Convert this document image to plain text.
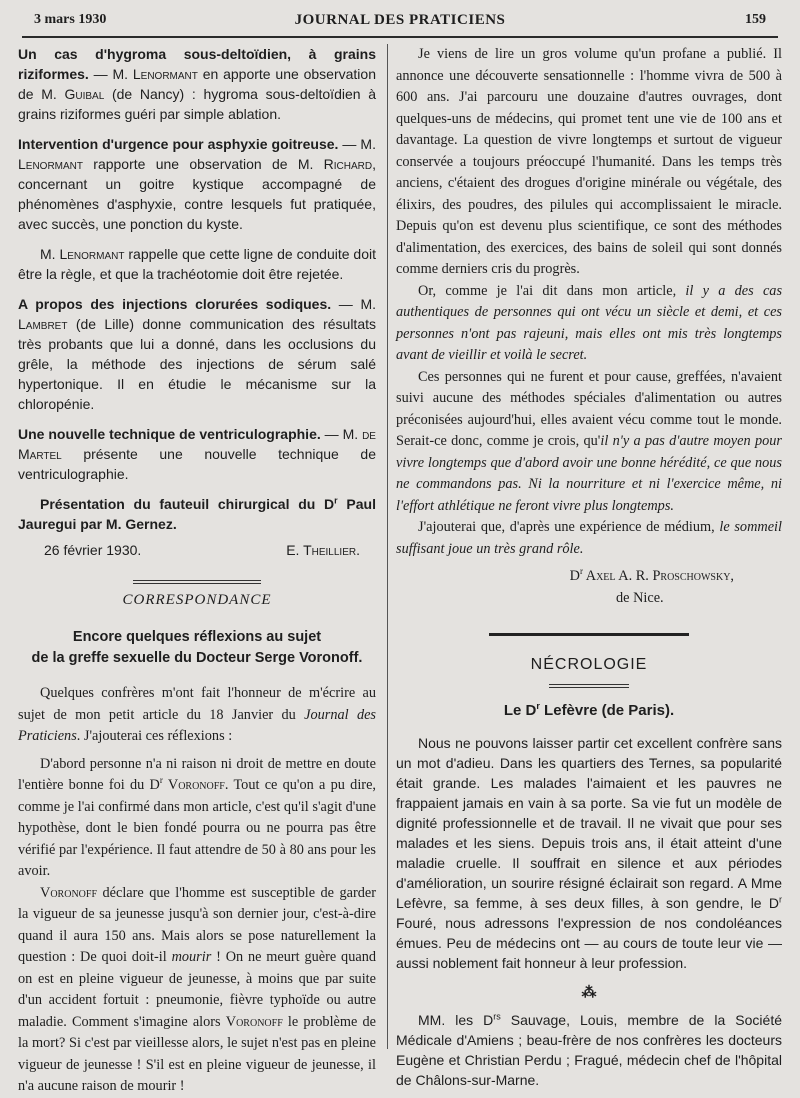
3 mars 1930	JOURNAL DES PRATICIENS	159

Un cas d'hygroma sous-deltoïdien, à grains riziformes. — M. Lenormant en apporte une observation de M. Guibal (de Nancy) : hygroma sous-deltoïdien à grains riziformes guéri par simple ablation.

Intervention d'urgence pour asphyxie goitreuse. — M. Lenormant rapporte une observation de M. Richard, concernant un goitre kystique accompagné de phénomènes d'asphyxie, contre lesquels fut pratiquée, avec succès, une ponction du kyste.

M. Lenormant rappelle que cette ligne de conduite doit être la règle, et que la trachéotomie doit être rejetée.

A propos des injections clorurées sodiques. — M. Lambret (de Lille) donne communication des résultats très probants que lui a donné, dans les occlusions du grêle, la méthode des injections de sérum salé hypertonique. Il en étudie le mécanisme sur la chloropénie.

Une nouvelle technique de ventriculographie. — M. de Martel présente une nouvelle technique de ventriculographie.

Présentation du fauteuil chirurgical du $D^r$ Paul Jauregui par M. Gernez.

26 février 1930.	E. Theillier.
CORRESPONDANCE
Encore quelques réflexions au sujet
de la greffe sexuelle du Docteur Serge Voronoff.

Quelques confrères m'ont fait l'honneur de m'écrire au sujet de mon petit article du 18 Janvier du Journal des Praticiens. J'ajouterai ces réflexions :

D'abord personne n'a ni raison ni droit de mettre en doute l'entière bonne foi du $D^r$ Voronoff. Tout ce qu'on a pu dire, comme je l'ai confirmé dans mon article, c'est qu'il s'agit d'une hypothèse, dont le bien fondé pourra ou ne pourra pas être vérifié par l'expérience. Il faut attendre de 50 à 80 ans pour les avoir.

Voronoff déclare que l'homme est susceptible de garder la vigueur de sa jeunesse jusqu'à son dernier jour, c'est-à-dire quand il aura 150 ans. Mais alors se pose naturellement la question : De quoi doit-il mourir ! On ne meurt guère quand on est en pleine vigueur de jeunesse, à moins que par suite d'un accident fortuit : pneumonie, fièvre typhoïde ou autre maladie. Comment s'imagine alors Voronoff le problème de la mort? Si c'est par vieillesse alors, le sujet n'est pas en pleine vigueur de jeunesse ! S'il est en pleine vigueur de jeunesse, il n'a aucune raison de mourir !

Je viens de lire un gros volume qu'un profane a publié. Il annonce une découverte sensationnelle : l'homme vivra de 500 à 600 ans. J'ai parcouru une douzaine d'autres ouvrages, dont quelques-uns de médecins, qui promet tent une vie de 100 ans et davantage. La question de vivre longtemps et surtout de vigueur conservée a toujours préoccupé l'humanité. Dans les temps très anciens, c'étaient des drogues d'origine minérale ou végétale, des élixirs, des poudres, des pilules qui accomplissaient le miracle. Depuis qu'on est devenu plus scientifique, ce sont des méthodes d'alimentation, des exercices, des bains de soleil qui sont donnés comme derniers cris du progrès.

Or, comme je l'ai dit dans mon article, il y a des cas authentiques de personnes qui ont vécu un siècle et demi, et ces personnes n'ont pas rajeuni, mais elles ont mis très longtemps avant de vieillir et voilà le secret.

Ces personnes qui ne furent et pour cause, greffées, n'avaient suivi aucune des méthodes spéciales d'alimentation ou autres préconisées aujourd'hui, elles avaient vécu comme tout le monde. Serait-ce donc, comme je crois, qu'il n'y a pas d'autre moyen pour vivre longtemps que d'abord avoir une bonne hérédité, ce que nous ne commandons pas. Ni la nourriture et ni l'exercice même, ni l'effort athlétique ne feront vivre plus longtemps.

J'ajouterai que, d'après une expérience de médium, le sommeil suffisant joue un très grand rôle.

$D^r$ Axel A. R. Proschowsky,
de Nice.
NÉCROLOGIE
Le $D^r$ Lefèvre (de Paris).

Nous ne pouvons laisser partir cet excellent confrère sans un mot d'adieu. Dans les quartiers des Ternes, sa popularité était grande. Les malades l'aimaient et les pauvres ne frappaient jamais en vain à sa porte. Sa vie fut un modèle de dignité professionnelle et de travail. Il ne vivait que pour ses malades et les siens. Depuis trois ans, il était atteint d'une maladie cruelle. Il souffrait en silence et aux périodes d'amélioration, un sourire résigné éclairait son regard. A Mme Lefèvre, sa femme, à ses deux filles, à son gendre, le $D^r$ Fouré, nous adressons l'expression de nos condoléances émues. Peu de médecins ont — au cours de toute leur vie — aussi noblement fait honneur à leur profession.

⁂

MM. les $D^{rs}$ Sauvage, Louis, membre de la Société Médicale d'Amiens ; beau-frère de nos confrères les docteurs Eugène et Christian Perdu ; Fragué, médecin chef de l'hôpital de Châlons-sur-Marne.
